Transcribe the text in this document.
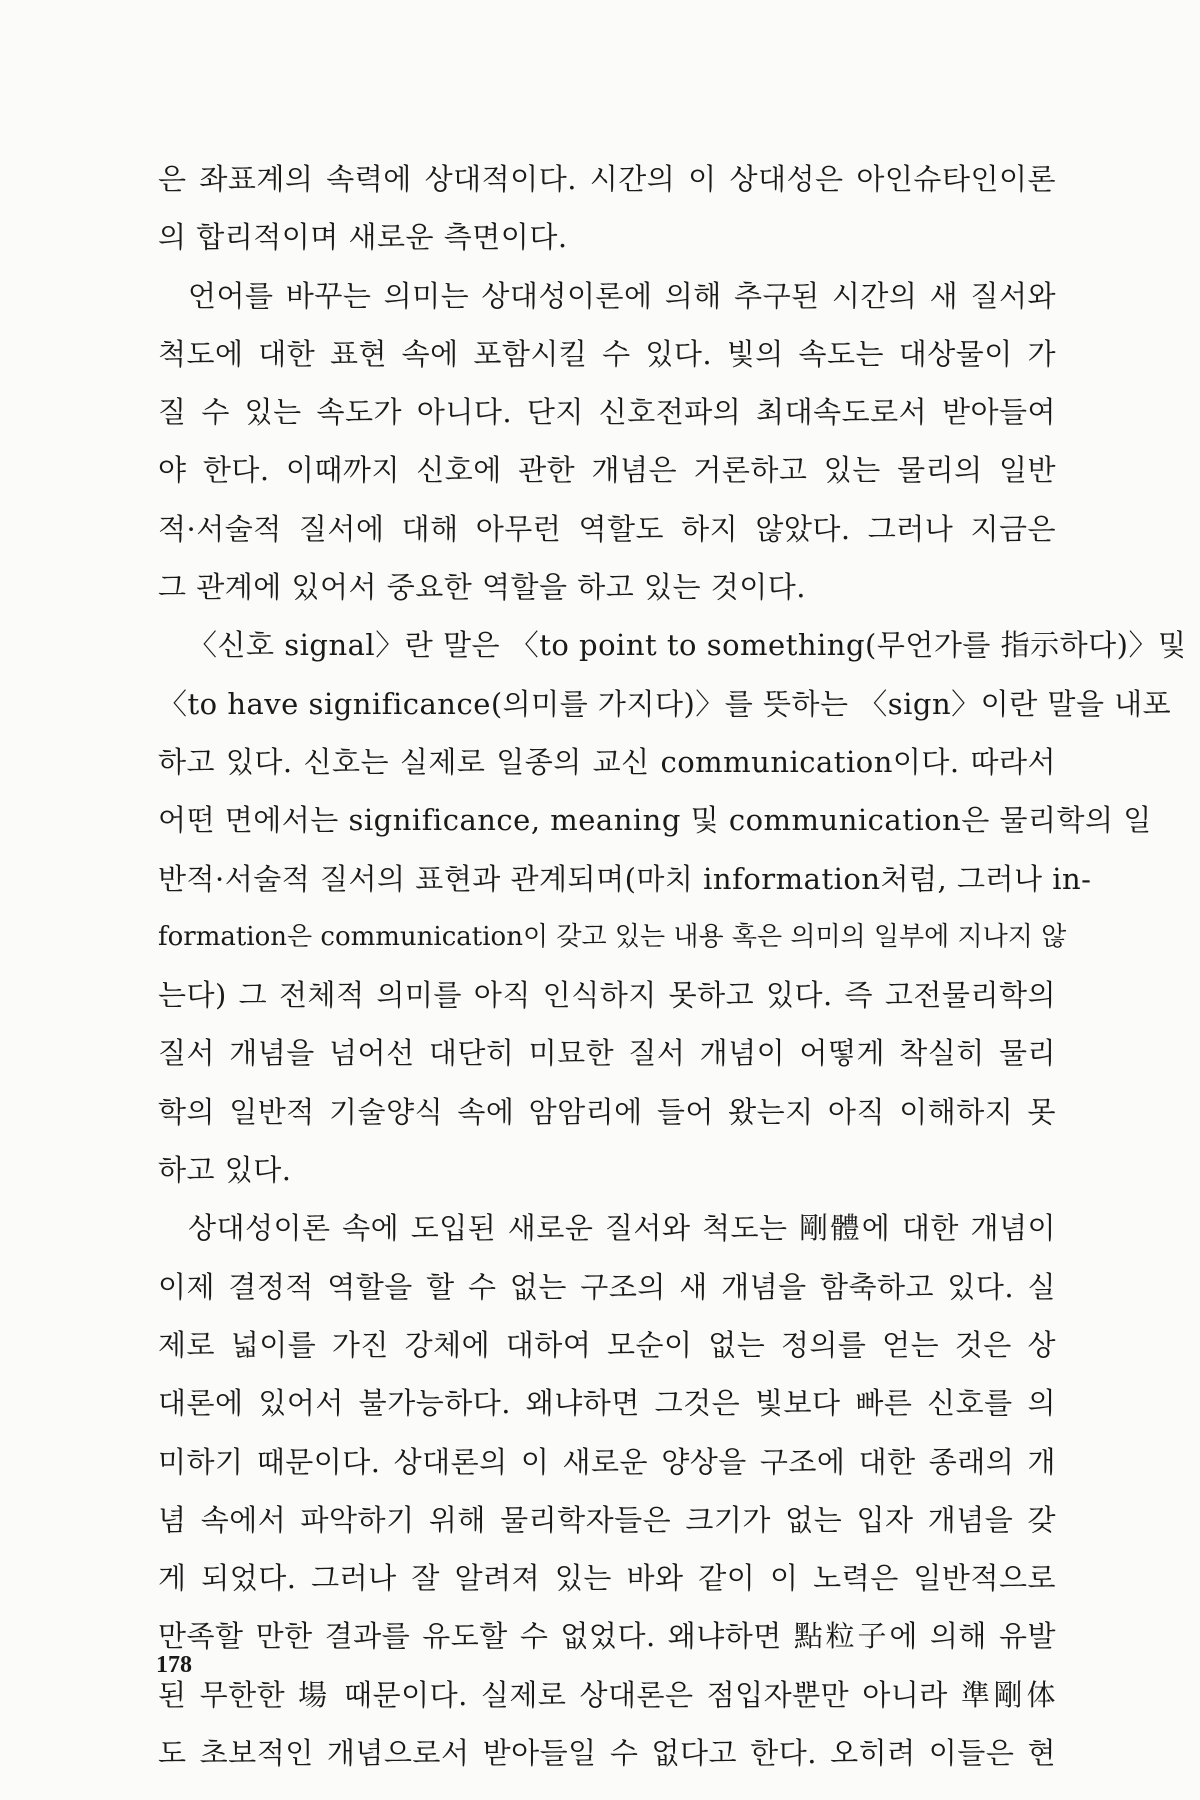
은 좌표계의 속력에 상대적이다. 시간의 이 상대성은 아인슈타인이론
의 합리적이며 새로운 측면이다.
언어를 바꾸는 의미는 상대성이론에 의해 추구된 시간의 새 질서와
척도에 대한 표현 속에 포함시킬 수 있다. 빛의 속도는 대상물이 가
질 수 있는 속도가 아니다. 단지 신호전파의 최대속도로서 받아들여
야 한다. 이때까지 신호에 관한 개념은 거론하고 있는 물리의 일반
적·서술적 질서에 대해 아무런 역할도 하지 않았다. 그러나 지금은
그 관계에 있어서 중요한 역할을 하고 있는 것이다.
〈신호 signal〉란 말은 〈to point to something(무언가를 指示하다)〉및
〈to have significance(의미를 가지다)〉를 뜻하는 〈sign〉이란 말을 내포
하고 있다. 신호는 실제로 일종의 교신 communication이다. 따라서
어떤 면에서는 significance, meaning 및 communication은 물리학의 일
반적·서술적 질서의 표현과 관계되며(마치 information처럼, 그러나 in-
formation은 communication이 갖고 있는 내용 혹은 의미의 일부에 지나지 않
는다) 그 전체적 의미를 아직 인식하지 못하고 있다. 즉 고전물리학의
질서 개념을 넘어선 대단히 미묘한 질서 개념이 어떻게 착실히 물리
학의 일반적 기술양식 속에 암암리에 들어 왔는지 아직 이해하지 못
하고 있다.
상대성이론 속에 도입된 새로운 질서와 척도는 剛體에 대한 개념이
이제 결정적 역할을 할 수 없는 구조의 새 개념을 함축하고 있다. 실
제로 넓이를 가진 강체에 대하여 모순이 없는 정의를 얻는 것은 상
대론에 있어서 불가능하다. 왜냐하면 그것은 빛보다 빠른 신호를 의
미하기 때문이다. 상대론의 이 새로운 양상을 구조에 대한 종래의 개
념 속에서 파악하기 위해 물리학자들은 크기가 없는 입자 개념을 갖
게 되었다. 그러나 잘 알려져 있는 바와 같이 이 노력은 일반적으로
만족할 만한 결과를 유도할 수 없었다. 왜냐하면 點粒子에 의해 유발
된 무한한 場 때문이다. 실제로 상대론은 점입자뿐만 아니라 準剛体
도 초보적인 개념으로서 받아들일 수 없다고 한다. 오히려 이들은 현
178
